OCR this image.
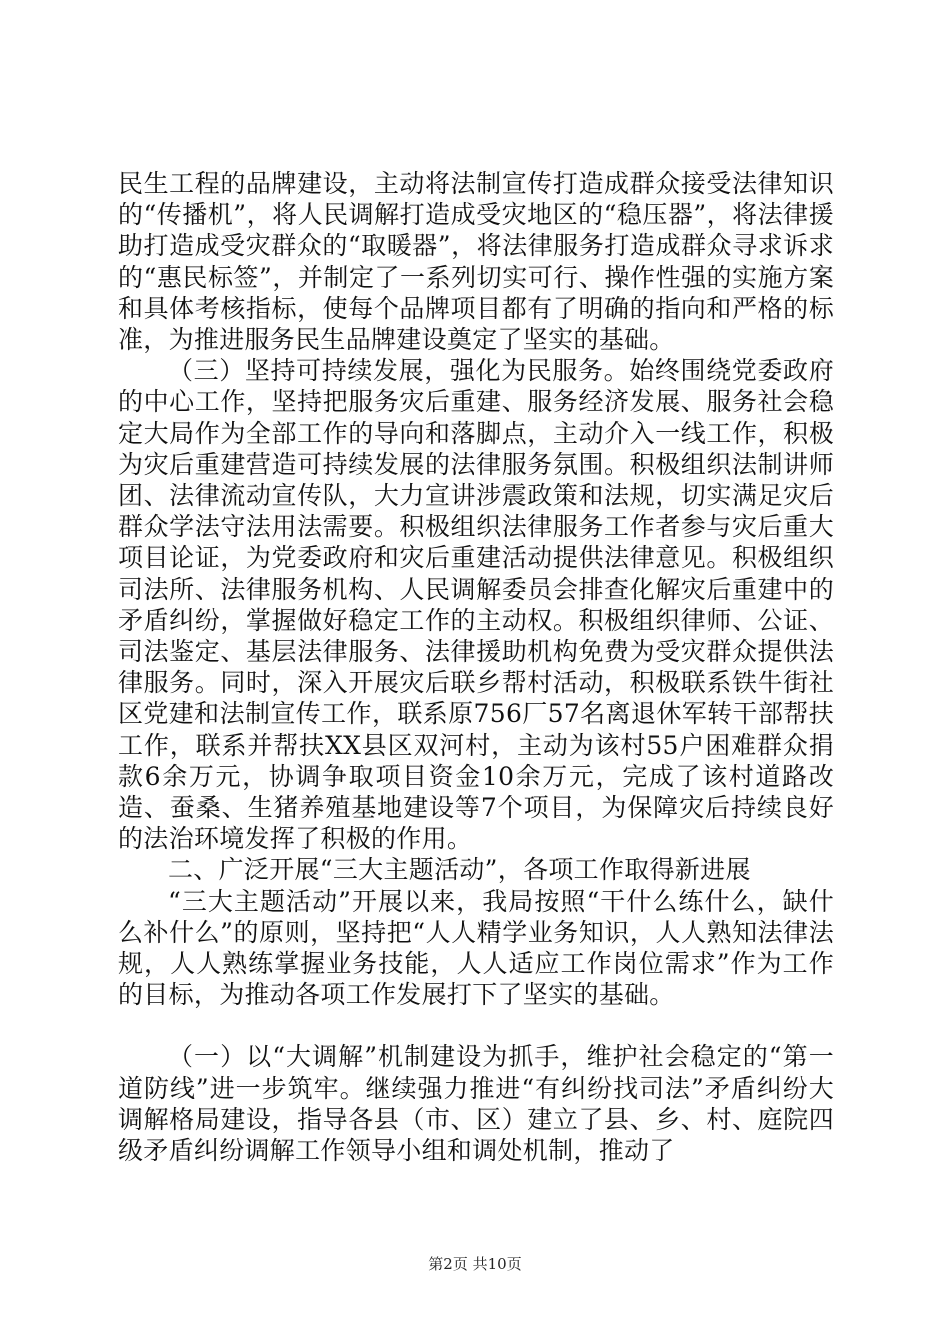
民生工程的品牌建设，主动将法制宣传打造成群众接受法律知识的“传播机”，将人民调解打造成受灾地区的“稳压器”，将法律援助打造成受灾群众的“取暖器”，将法律服务打造成群众寻求诉求的“惠民标签”，并制定了一系列切实可行、操作性强的实施方案和具体考核指标，使每个品牌项目都有了明确的指向和严格的标准，为推进服务民生品牌建设奠定了坚实的基础。

（三）坚持可持续发展，强化为民服务。始终围绕党委政府的中心工作，坚持把服务灾后重建、服务经济发展、服务社会稳定大局作为全部工作的导向和落脚点，主动介入一线工作，积极为灾后重建营造可持续发展的法律服务氛围。积极组织法制讲师团、法律流动宣传队，大力宣讲涉震政策和法规，切实满足灾后群众学法守法用法需要。积极组织法律服务工作者参与灾后重大项目论证，为党委政府和灾后重建活动提供法律意见。积极组织司法所、法律服务机构、人民调解委员会排查化解灾后重建中的矛盾纠纷，掌握做好稳定工作的主动权。积极组织律师、公证、司法鉴定、基层法律服务、法律援助机构免费为受灾群众提供法律服务。同时，深入开展灾后联乡帮村活动，积极联系铁牛街社区党建和法制宣传工作，联系原756厂57名离退休军转干部帮扶工作，联系并帮扶XX县区双河村，主动为该村55户困难群众捐款6余万元，协调争取项目资金10余万元，完成了该村道路改造、蚕桑、生猪养殖基地建设等7个项目，为保障灾后持续良好的法治环境发挥了积极的作用。

二、广泛开展“三大主题活动”，各项工作取得新进展

“三大主题活动”开展以来，我局按照“干什么练什么，缺什么补什么”的原则，坚持把“人人精学业务知识，人人熟知法律法规，人人熟练掌握业务技能，人人适应工作岗位需求”作为工作的目标，为推动各项工作发展打下了坚实的基础。

（一）以“大调解”机制建设为抓手，维护社会稳定的“第一道防线”进一步筑牢。继续强力推进“有纠纷找司法”矛盾纠纷大调解格局建设，指导各县（市、区）建立了县、乡、村、庭院四级矛盾纠纷调解工作领导小组和调处机制，推动了

第2页 共10页
